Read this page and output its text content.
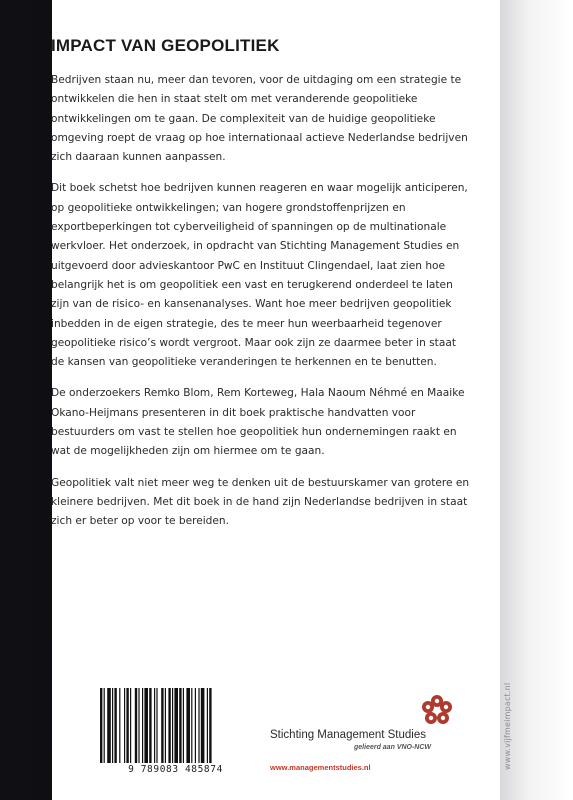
www.vijfmeimpact.nl
IMPACT VAN GEOPOLITIEK

Bedrijven staan nu, meer dan tevoren, voor de uitdaging om een strategie te ontwikkelen die hen in staat stelt om met veranderende geopolitieke ontwikkelingen om te gaan. De complexiteit van de huidige geopolitieke omgeving roept de vraag op hoe internationaal actieve Nederlandse bedrijven zich daaraan kunnen aanpassen.

Dit boek schetst hoe bedrijven kunnen reageren en waar mogelijk anticiperen, op geopolitieke ontwikkelingen; van hogere grondstoffenprijzen en exportbeperkingen tot cyberveiligheid of spanningen op de multinationale werkvloer. Het onderzoek, in opdracht van Stichting Management Studies en uitgevoerd door advieskantoor PwC en Instituut Clingendael, laat zien hoe belangrijk het is om geopolitiek een vast en terugkerend onderdeel te laten zijn van de risico- en kansenanalyses. Want hoe meer bedrijven geopolitiek inbedden in de eigen strategie, des te meer hun weerbaarheid tegenover geopolitieke risico’s wordt vergroot. Maar ook zijn ze daarmee beter in staat de kansen van geopolitieke veranderingen te herkennen en te benutten.

De onderzoekers Remko Blom, Rem Korteweg, Hala Naoum Néhmé en Maaike Okano-Heijmans presenteren in dit boek praktische handvatten voor bestuurders om vast te stellen hoe geopolitiek hun ondernemingen raakt en wat de mogelijkheden zijn om hiermee om te gaan.

Geopolitiek valt niet meer weg te denken uit de bestuurskamer van grotere en kleinere bedrijven. Met dit boek in de hand zijn Nederlandse bedrijven in staat zich er beter op voor te bereiden.

9 789083 485874
Stichting Management Studies
gelieerd aan VNO-NCW
www.managementstudies.nl
